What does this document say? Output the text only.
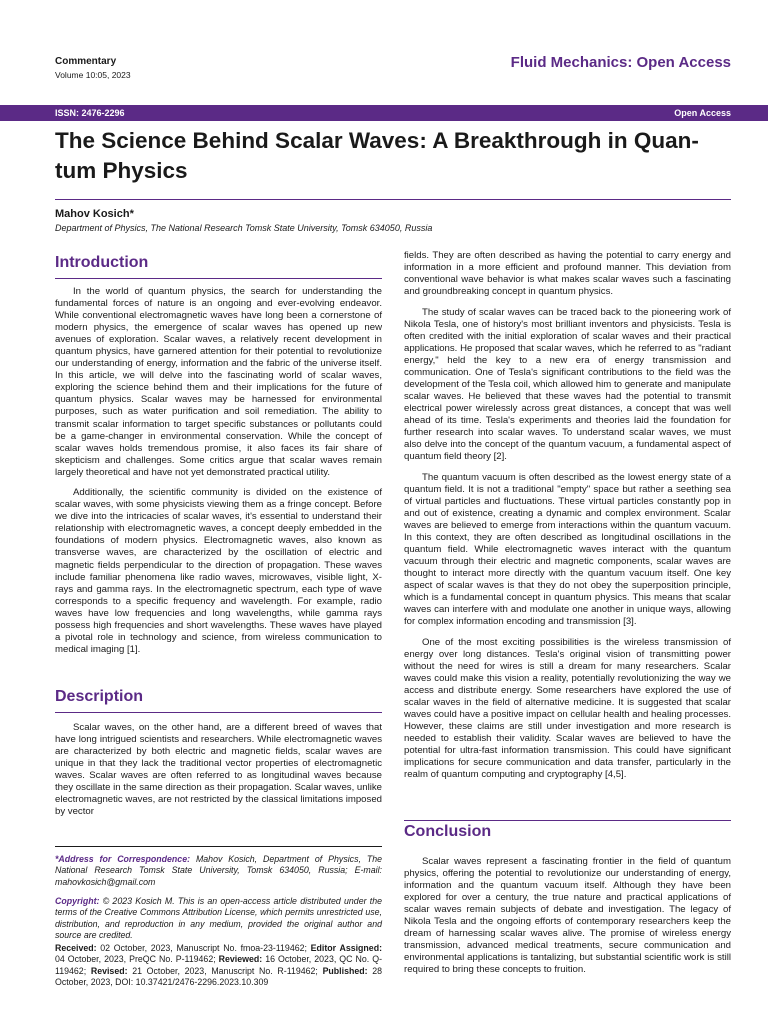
Commentary
Volume 10:05, 2023
Fluid Mechanics: Open Access
ISSN: 2476-2296	Open Access
The Science Behind Scalar Waves: A Breakthrough in Quan-tum Physics
Mahov Kosich*
Department of Physics, The National Research Tomsk State University, Tomsk 634050, Russia
Introduction

In the world of quantum physics, the search for understanding the fundamental forces of nature is an ongoing and ever-evolving endeavor. While conventional electromagnetic waves have long been a cornerstone of modern physics, the emergence of scalar waves has opened up new avenues of exploration. Scalar waves, a relatively recent development in quantum physics, have garnered attention for their potential to revolutionize our understanding of energy, information and the fabric of the universe itself. In this article, we will delve into the fascinating world of scalar waves, exploring the science behind them and their implications for the future of quantum physics. Scalar waves may be harnessed for environmental purposes, such as water purification and soil remediation. The ability to transmit scalar information to target specific substances or pollutants could be a game-changer in environmental conservation. While the concept of scalar waves holds tremendous promise, it also faces its fair share of skepticism and challenges. Some critics argue that scalar waves remain largely theoretical and have not yet demonstrated practical utility.

Additionally, the scientific community is divided on the existence of scalar waves, with some physicists viewing them as a fringe concept. Before we dive into the intricacies of scalar waves, it's essential to understand their relationship with electromagnetic waves, a concept deeply embedded in the foundations of modern physics. Electromagnetic waves, also known as transverse waves, are characterized by the oscillation of electric and magnetic fields perpendicular to the direction of propagation. These waves include familiar phenomena like radio waves, microwaves, visible light, X-rays and gamma rays. In the electromagnetic spectrum, each type of wave corresponds to a specific frequency and wavelength. For example, radio waves have low frequencies and long wavelengths, while gamma rays possess high frequencies and short wavelengths. These waves have played a pivotal role in technology and science, from wireless communication to medical imaging [1].

Description

Scalar waves, on the other hand, are a different breed of waves that have long intrigued scientists and researchers. While electromagnetic waves are characterized by both electric and magnetic fields, scalar waves are unique in that they lack the traditional vector properties of electromagnetic waves. Scalar waves are often referred to as longitudinal waves because they oscillate in the same direction as their propagation. Scalar waves, unlike electromagnetic waves, are not restricted by the classical limitations imposed by vector

*Address for Correspondence: Mahov Kosich, Department of Physics, The National Research Tomsk State University, Tomsk 634050, Russia; E-mail: mahovkosich@gmail.com
Copyright: © 2023 Kosich M. This is an open-access article distributed under the terms of the Creative Commons Attribution License, which permits unrestricted use, distribution, and reproduction in any medium, provided the original author and source are credited.
Received: 02 October, 2023, Manuscript No. fmoa-23-119462; Editor Assigned: 04 October, 2023, PreQC No. P-119462; Reviewed: 16 October, 2023, QC No. Q-119462; Revised: 21 October, 2023, Manuscript No. R-119462; Published: 28 October, 2023, DOI: 10.37421/2476-2296.2023.10.309

fields. They are often described as having the potential to carry energy and information in a more efficient and profound manner. This deviation from conventional wave behavior is what makes scalar waves such a fascinating and groundbreaking concept in quantum physics.

The study of scalar waves can be traced back to the pioneering work of Nikola Tesla, one of history's most brilliant inventors and physicists. Tesla is often credited with the initial exploration of scalar waves and their practical applications. He proposed that scalar waves, which he referred to as "radiant energy," held the key to a new era of energy transmission and communication. One of Tesla's significant contributions to the field was the development of the Tesla coil, which allowed him to generate and manipulate scalar waves. He believed that these waves had the potential to transmit electrical power wirelessly across great distances, a concept that was well ahead of its time. Tesla's experiments and theories laid the foundation for further research into scalar waves. To understand scalar waves, we must also delve into the concept of the quantum vacuum, a fundamental aspect of quantum field theory [2].

The quantum vacuum is often described as the lowest energy state of a quantum field. It is not a traditional "empty" space but rather a seething sea of virtual particles and fluctuations. These virtual particles constantly pop in and out of existence, creating a dynamic and complex environment. Scalar waves are believed to emerge from interactions within the quantum vacuum. In this context, they are often described as longitudinal oscillations in the quantum field. While electromagnetic waves interact with the quantum vacuum through their electric and magnetic components, scalar waves are thought to interact more directly with the quantum vacuum itself. One key aspect of scalar waves is that they do not obey the superposition principle, which is a fundamental concept in quantum physics. This means that scalar waves can interfere with and modulate one another in unique ways, allowing for complex information encoding and transmission [3].

One of the most exciting possibilities is the wireless transmission of energy over long distances. Tesla's original vision of transmitting power without the need for wires is still a dream for many researchers. Scalar waves could make this vision a reality, potentially revolutionizing the way we access and distribute energy. Some researchers have explored the use of scalar waves in the field of alternative medicine. It is suggested that scalar waves could have a positive impact on cellular health and healing processes. However, these claims are still under investigation and more research is needed to establish their validity. Scalar waves are believed to have the potential for ultra-fast information transmission. This could have significant implications for secure communication and data transfer, particularly in the realm of quantum computing and cryptography [4,5].

Conclusion

Scalar waves represent a fascinating frontier in the field of quantum physics, offering the potential to revolutionize our understanding of energy, information and the quantum vacuum itself. Although they have been explored for over a century, the true nature and practical applications of scalar waves remain subjects of debate and investigation. The legacy of Nikola Tesla and the ongoing efforts of contemporary researchers keep the dream of harnessing scalar waves alive. The promise of wireless energy transmission, advanced medical treatments, secure communication and environmental applications is tantalizing, but substantial scientific work is still required to bring these concepts to fruition.
